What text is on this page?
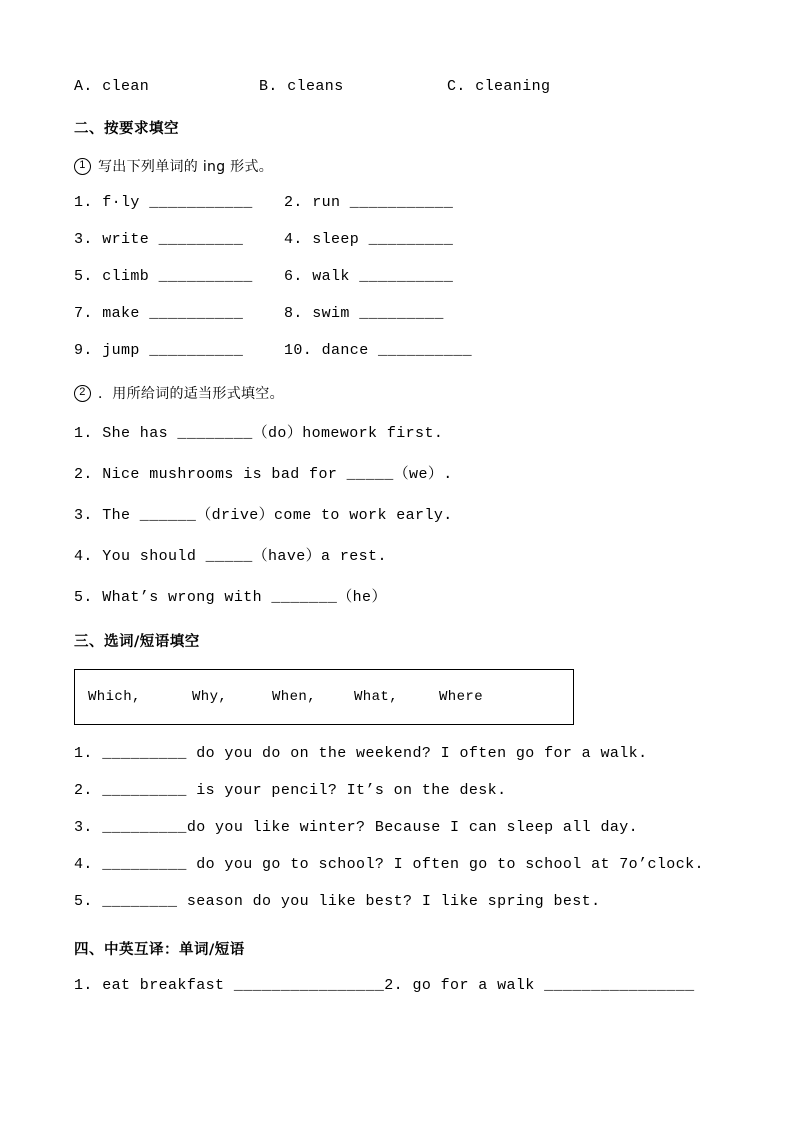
A. clean	B. cleans	C. cleaning
二、按要求填空
1 写出下列单词的 ing 形式。
1. f·ly ___________	2. run ___________
3. write _________	4. sleep _________
5. climb __________	6. walk __________
7. make __________	8. swim _________
9. jump __________	10. dance __________
2 ．用所给词的适当形式填空。
1. She has ________（do）homework first.
2. Nice mushrooms is bad for _____（we）.
3. The ______（drive）come to work early.
4. You should _____（have）a rest.
5. What’s wrong with _______（he）
三、选词/短语填空
Which,	Why,	When,	What,	Where
1. _________ do you do on the weekend? I often go for a walk.
2. _________ is your pencil? It’s on the desk.
3. _________do you like winter? Because I can sleep all day.
4. _________ do you go to school? I often go to school at 7o’clock.
5. ________ season do you like best? I like spring best.
四、中英互译：单词/短语
1. eat breakfast ________________2. go for a walk ________________
